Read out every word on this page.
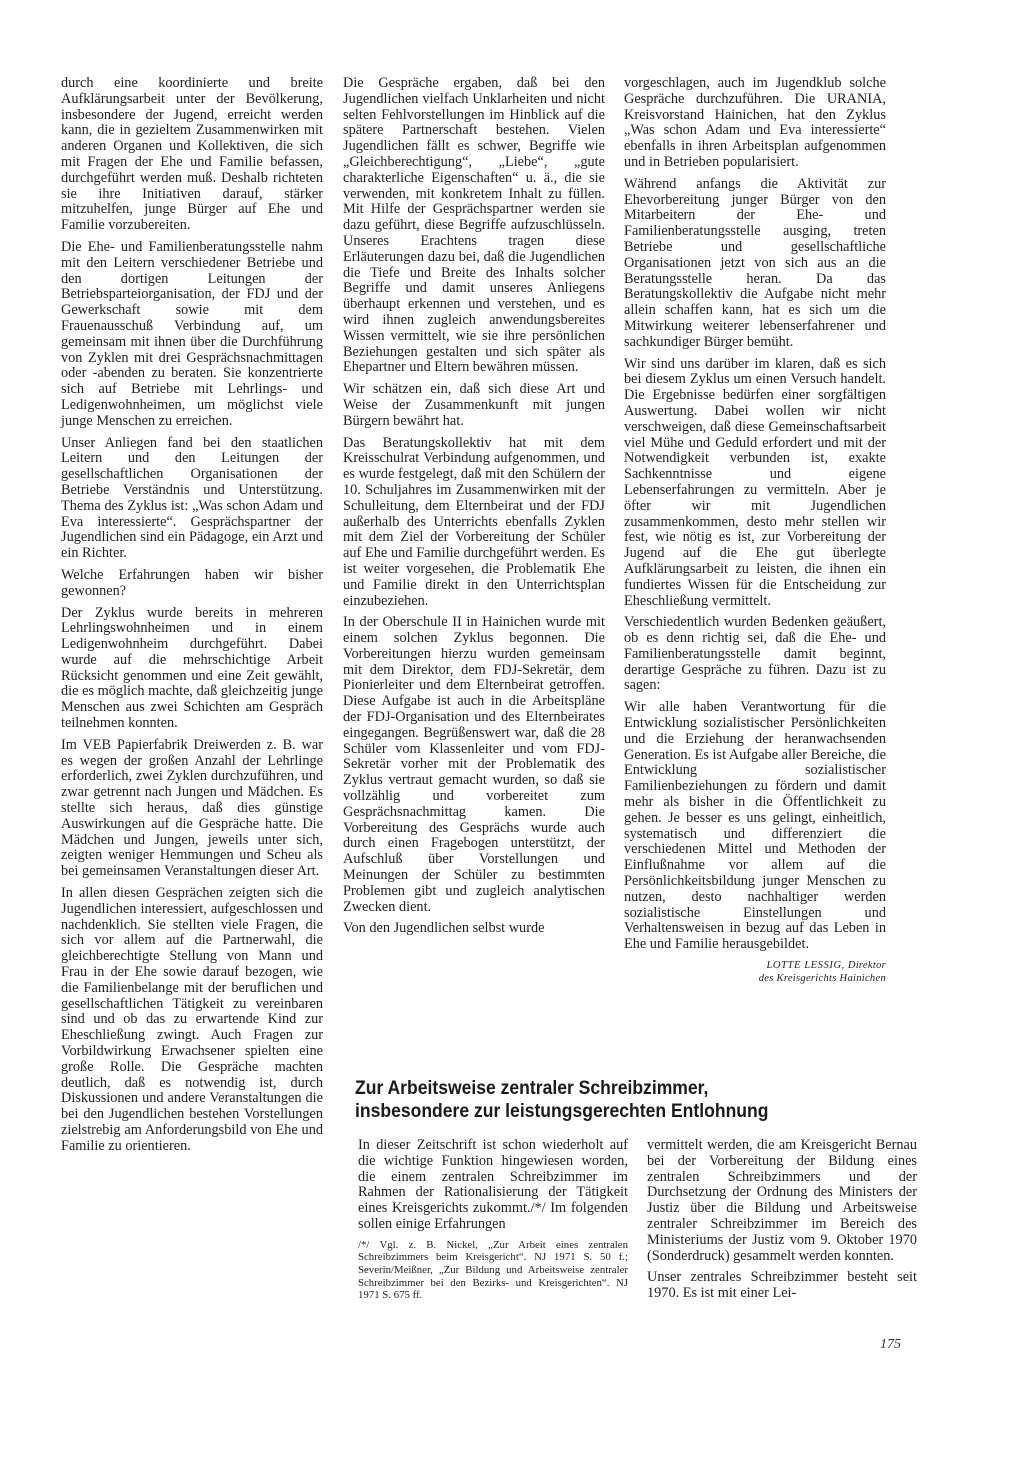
durch eine koordinierte und breite Aufklärungsarbeit unter der Bevölkerung, insbesondere der Jugend, erreicht werden kann, die in gezieltem Zusammenwirken mit anderen Organen und Kollektiven, die sich mit Fragen der Ehe und Familie befassen, durchgeführt werden muß. Deshalb richteten sie ihre Initiativen darauf, stärker mitzuhelfen, junge Bürger auf Ehe und Familie vorzubereiten.

Die Ehe- und Familienberatungsstelle nahm mit den Leitern verschiedener Betriebe und den dortigen Leitungen der Betriebsparteiorganisation, der FDJ und der Gewerkschaft sowie mit dem Frauenausschuß Verbindung auf, um gemeinsam mit ihnen über die Durchführung von Zyklen mit drei Gesprächsnachmittagen oder -abenden zu beraten. Sie konzentrierte sich auf Betriebe mit Lehrlings- und Ledigenwohnheimen, um möglichst viele junge Menschen zu erreichen.

Unser Anliegen fand bei den staatlichen Leitern und den Leitungen der gesellschaftlichen Organisationen der Betriebe Verständnis und Unterstützung. Thema des Zyklus ist: „Was schon Adam und Eva interessierte“. Gesprächspartner der Jugendlichen sind ein Pädagoge, ein Arzt und ein Richter.

Welche Erfahrungen haben wir bisher gewonnen?

Der Zyklus wurde bereits in mehreren Lehrlingswohnheimen und in einem Ledigenwohnheim durchgeführt. Dabei wurde auf die mehrschichtige Arbeit Rücksicht genommen und eine Zeit gewählt, die es möglich machte, daß gleichzeitig junge Menschen aus zwei Schichten am Gespräch teilnehmen konnten.

Im VEB Papierfabrik Dreiwerden z. B. war es wegen der großen Anzahl der Lehrlinge erforderlich, zwei Zyklen durchzuführen, und zwar getrennt nach Jungen und Mädchen. Es stellte sich heraus, daß dies günstige Auswirkungen auf die Gespräche hatte. Die Mädchen und Jungen, jeweils unter sich, zeigten weniger Hemmungen und Scheu als bei gemeinsamen Veranstaltungen dieser Art.

In allen diesen Gesprächen zeigten sich die Jugendlichen interessiert, aufgeschlossen und nachdenklich. Sie stellten viele Fragen, die sich vor allem auf die Partnerwahl, die gleichberechtigte Stellung von Mann und Frau in der Ehe sowie darauf bezogen, wie die Familienbelange mit der beruflichen und gesellschaftlichen Tätigkeit zu vereinbaren sind und ob das zu erwartende Kind zur Eheschließung zwingt. Auch Fragen zur Vorbildwirkung Erwachsener spielten eine große Rolle. Die Gespräche machten deutlich, daß es notwendig ist, durch Diskussionen und andere Veranstaltungen die bei den Jugendlichen bestehen Vorstellungen zielstrebig am Anforderungsbild von Ehe und Familie zu orientieren.

Die Gespräche ergaben, daß bei den Jugendlichen vielfach Unklarheiten und nicht selten Fehlvorstellungen im Hinblick auf die spätere Partnerschaft bestehen. Vielen Jugendlichen fällt es schwer, Begriffe wie „Gleichberechtigung“, „Liebe“, „gute charakterliche Eigenschaften“ u. ä., die sie verwenden, mit konkretem Inhalt zu füllen. Mit Hilfe der Gesprächspartner werden sie dazu geführt, diese Begriffe aufzuschlüsseln. Unseres Erachtens tragen diese Erläuterungen dazu bei, daß die Jugendlichen die Tiefe und Breite des Inhalts solcher Begriffe und damit unseres Anliegens überhaupt erkennen und verstehen, und es wird ihnen zugleich anwendungsbereites Wissen vermittelt, wie sie ihre persönlichen Beziehungen gestalten und sich später als Ehepartner und Eltern bewähren müssen.

Wir schätzen ein, daß sich diese Art und Weise der Zusammenkunft mit jungen Bürgern bewährt hat.

Das Beratungskollektiv hat mit dem Kreisschulrat Verbindung aufgenommen, und es wurde festgelegt, daß mit den Schülern der 10. Schuljahres im Zusammenwirken mit der Schulleitung, dem Elternbeirat und der FDJ außerhalb des Unterrichts ebenfalls Zyklen mit dem Ziel der Vorbereitung der Schüler auf Ehe und Familie durchgeführt werden. Es ist weiter vorgesehen, die Problematik Ehe und Familie direkt in den Unterrichtsplan einzubeziehen.

In der Oberschule II in Hainichen wurde mit einem solchen Zyklus begonnen. Die Vorbereitungen hierzu wurden gemeinsam mit dem Direktor, dem FDJ-Sekretär, dem Pionierleiter und dem Elternbeirat getroffen. Diese Aufgabe ist auch in die Arbeitspläne der FDJ-Organisation und des Elternbeirates eingegangen. Begrüßenswert war, daß die 28 Schüler vom Klassenleiter und vom FDJ-Sekretär vorher mit der Problematik des Zyklus vertraut gemacht wurden, so daß sie vollzählig und vorbereitet zum Gesprächsnachmittag kamen. Die Vorbereitung des Gesprächs wurde auch durch einen Fragebogen unterstützt, der Aufschluß über Vorstellungen und Meinungen der Schüler zu bestimmten Problemen gibt und zugleich analytischen Zwecken dient.

Von den Jugendlichen selbst wurde

vorgeschlagen, auch im Jugendklub solche Gespräche durchzuführen. Die URANIA, Kreisvorstand Hainichen, hat den Zyklus „Was schon Adam und Eva interessierte“ ebenfalls in ihren Arbeitsplan aufgenommen und in Betrieben popularisiert.

Während anfangs die Aktivität zur Ehevorbereitung junger Bürger von den Mitarbeitern der Ehe- und Familienberatungsstelle ausging, treten Betriebe und gesellschaftliche Organisationen jetzt von sich aus an die Beratungsstelle heran. Da das Beratungskollektiv die Aufgabe nicht mehr allein schaffen kann, hat es sich um die Mitwirkung weiterer lebenserfahrener und sachkundiger Bürger bemüht.

Wir sind uns darüber im klaren, daß es sich bei diesem Zyklus um einen Versuch handelt. Die Ergebnisse bedürfen einer sorgfältigen Auswertung. Dabei wollen wir nicht verschweigen, daß diese Gemeinschaftsarbeit viel Mühe und Geduld erfordert und mit der Notwendigkeit verbunden ist, exakte Sachkenntnisse und eigene Lebenserfahrungen zu vermitteln. Aber je öfter wir mit Jugendlichen zusammenkommen, desto mehr stellen wir fest, wie nötig es ist, zur Vorbereitung der Jugend auf die Ehe gut überlegte Aufklärungsarbeit zu leisten, die ihnen ein fundiertes Wissen für die Entscheidung zur Eheschließung vermittelt.

Verschiedentlich wurden Bedenken geäußert, ob es denn richtig sei, daß die Ehe- und Familienberatungsstelle damit beginnt, derartige Gespräche zu führen. Dazu ist zu sagen:

Wir alle haben Verantwortung für die Entwicklung sozialistischer Persönlichkeiten und die Erziehung der heranwachsenden Generation. Es ist Aufgabe aller Bereiche, die Entwicklung sozialistischer Familienbeziehungen zu fördern und damit mehr als bisher in die Öffentlichkeit zu gehen. Je besser es uns gelingt, einheitlich, systematisch und differenziert die verschiedenen Mittel und Methoden der Einflußnahme vor allem auf die Persönlichkeitsbildung junger Menschen zu nutzen, desto nachhaltiger werden sozialistische Einstellungen und Verhaltensweisen in bezug auf das Leben in Ehe und Familie herausgebildet.

LOTTE LESSIG, Direktor
des Kreisgerichts Hainichen
Zur Arbeitsweise zentraler Schreibzimmer,
insbesondere zur leistungsgerechten Entlohnung

In dieser Zeitschrift ist schon wiederholt auf die wichtige Funktion hingewiesen worden, die einem zentralen Schreibzimmer im Rahmen der Rationalisierung der Tätigkeit eines Kreisgerichts zukommt./*/ Im folgenden sollen einige Erfahrungen

/*/ Vgl. z. B. Nickel, „Zur Arbeit eines zentralen Schreibzimmers beim Kreisgericht“. NJ 1971 S. 50 f.; Severin/Meißner, „Zur Bildung und Arbeitsweise zentraler Schreibzimmer bei den Bezirks- und Kreisgerichten“. NJ 1971 S. 675 ff.

vermittelt werden, die am Kreisgericht Bernau bei der Vorbereitung der Bildung eines zentralen Schreibzimmers und der Durchsetzung der Ordnung des Ministers der Justiz über die Bildung und Arbeitsweise zentraler Schreibzimmer im Bereich des Ministeriums der Justiz vom 9. Oktober 1970 (Sonderdruck) gesammelt werden konnten.

Unser zentrales Schreibzimmer besteht seit 1970. Es ist mit einer Lei-

175
